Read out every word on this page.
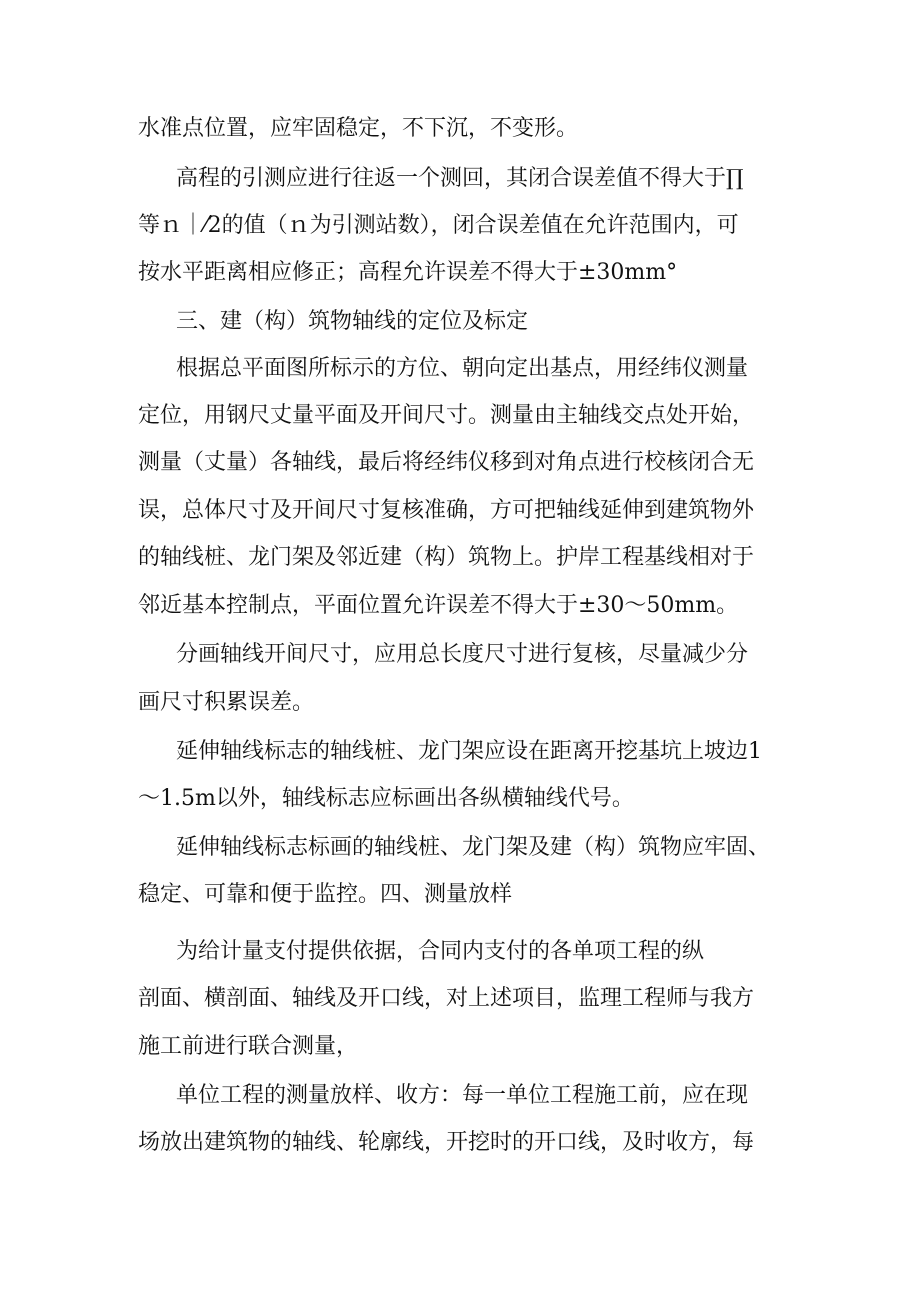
水准点位置，应牢固稳定，不下沉，不变形。
高程的引测应进行往返一个测回，其闭合误差值不得大于∏
等ｎ｜⁄2的值（ｎ为引测站数），闭合误差值在允许范围内，可
按水平距离相应修正；高程允许误差不得大于±30mm°
三、建（构）筑物轴线的定位及标定
根据总平面图所标示的方位、朝向定出基点，用经纬仪测量
定位，用钢尺丈量平面及开间尺寸。测量由主轴线交点处开始，
测量（丈量）各轴线，最后将经纬仪移到对角点进行校核闭合无
误，总体尺寸及开间尺寸复核准确，方可把轴线延伸到建筑物外
的轴线桩、龙门架及邻近建（构）筑物上。护岸工程基线相对于
邻近基本控制点，平面位置允许误差不得大于±30～50mm。
分画轴线开间尺寸，应用总长度尺寸进行复核，尽量减少分
画尺寸积累误差。
延伸轴线标志的轴线桩、龙门架应设在距离开挖基坑上坡边1
～1.5m以外，轴线标志应标画出各纵横轴线代号。
延伸轴线标志标画的轴线桩、龙门架及建（构）筑物应牢固、
稳定、可靠和便于监控。四、测量放样
为给计量支付提供依据，合同内支付的各单项工程的纵
剖面、横剖面、轴线及开口线，对上述项目，监理工程师与我方
施工前进行联合测量，
单位工程的测量放样、收方：每一单位工程施工前，应在现
场放出建筑物的轴线、轮廓线，开挖时的开口线，及时收方，每
